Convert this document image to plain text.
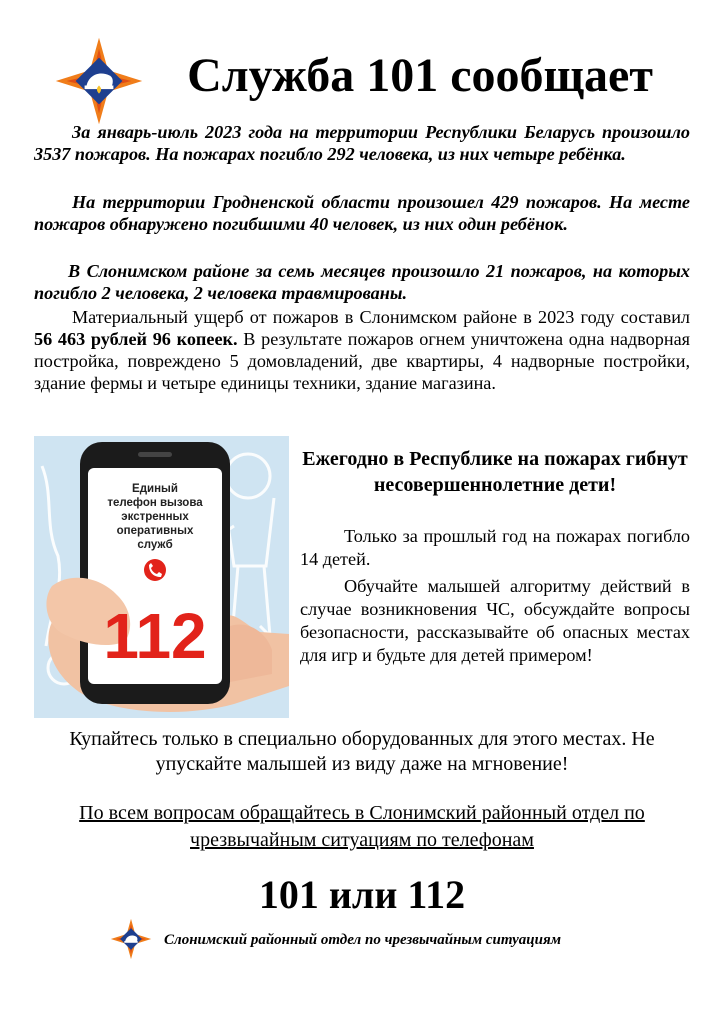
Служба 101 сообщает

За январь-июль 2023 года на территории Республики Беларусь произошло 3537 пожаров. На пожарах погибло 292 человека, из них четыре ребёнка.

На территории Гродненской области произошел 429 пожаров. На месте пожаров обнаружено погибшими 40 человек, из них один ребёнок.

В Слонимском районе за семь месяцев произошло 21 пожаров, на которых погибло 2 человека, 2 человека травмированы.

Материальный ущерб от пожаров в Слонимском районе в 2023 году составил 56 463 рублей 96 копеек. В результате пожаров огнем уничтожена одна надворная постройка, повреждено 5 домовладений, две квартиры, 4 надворные постройки, здание фермы и четыре единицы техники, здание магазина.

Единый
телефон вызова
экстренных
оперативных
служб
112

Ежегодно в Республике на пожарах гибнут несовершеннолетние дети!

Только за прошлый год на пожарах погибло 14 детей.

Обучайте малышей алгоритму действий в случае возникновения ЧС, обсуждайте вопросы безопасности, рассказывайте об опасных местах для игр и будьте для детей примером!

Купайтесь только в специально оборудованных для этого местах. Не упускайте малышей из виду даже на мгновение!

По всем вопросам обращайтесь в Слонимский районный отдел по чрезвычайным ситуациям по телефонам

101 или 112

Слонимский районный отдел по чрезвычайным ситуациям
